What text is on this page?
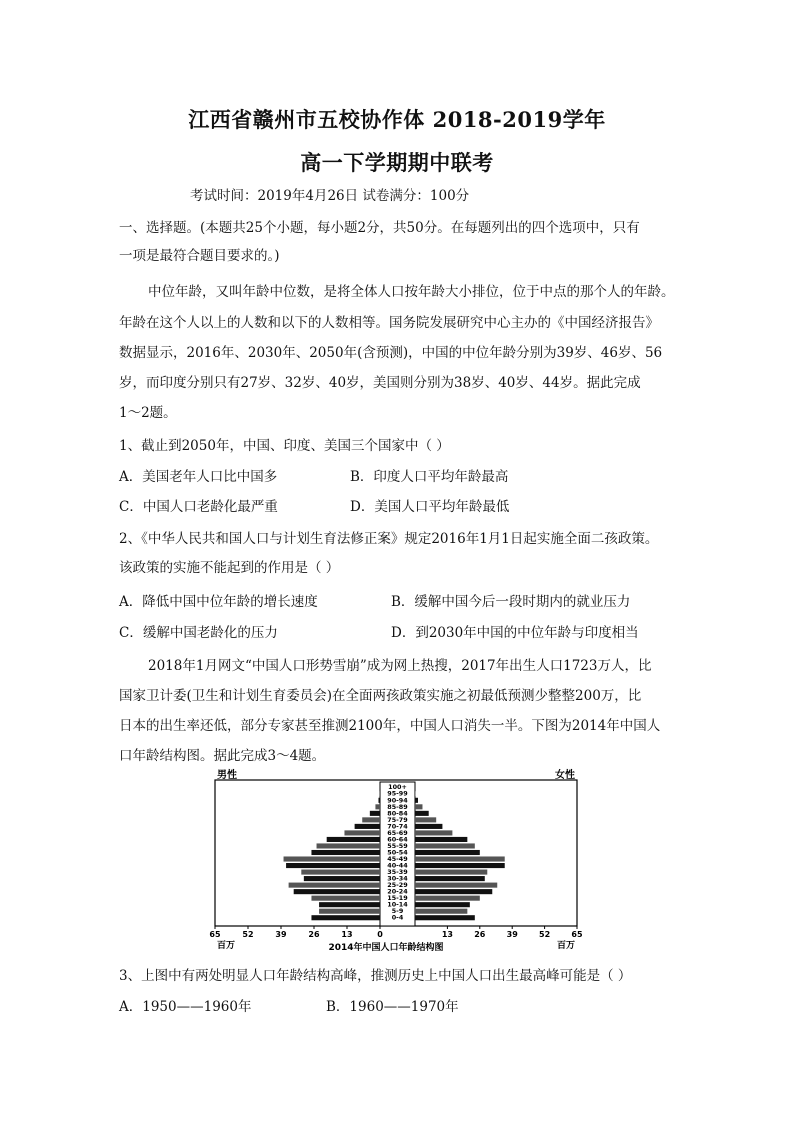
江西省赣州市五校协作体 2018-2019学年
高一下学期期中联考
考试时间：2019年4月26日 试卷满分：100分
一、选择题。(本题共25个小题，每小题2分，共50分。在每题列出的四个选项中，只有
一项是最符合题目要求的。)
中位年龄，又叫年龄中位数，是将全体人口按年龄大小排位，位于中点的那个人的年龄。
年龄在这个人以上的人数和以下的人数相等。国务院发展研究中心主办的《中国经济报告》
数据显示，2016年、2030年、2050年(含预测)，中国的中位年龄分别为39岁、46岁、56
岁，而印度分别只有27岁、32岁、40岁，美国则分别为38岁、40岁、44岁。据此完成
1～2题。
1、截止到2050年，中国、印度、美国三个国家中（ ）
A．美国老年人口比中国多	B．印度人口平均年龄最高
C．中国人口老龄化最严重	D．美国人口平均年龄最低
2、《中华人民共和国人口与计划生育法修正案》规定2016年1月1日起实施全面二孩政策。
该政策的实施不能起到的作用是（ ）
A．降低中国中位年龄的增长速度	B．缓解中国今后一段时期内的就业压力
C．缓解中国老龄化的压力	D．到2030年中国的中位年龄与印度相当
2018年1月网文“中国人口形势雪崩”成为网上热搜，2017年出生人口1723万人，比
国家卫计委(卫生和计划生育委员会)在全面两孩政策实施之初最低预测少整整200万，比
日本的出生率还低，部分专家甚至推测2100年，中国人口消失一半。下图为2014年中国人
口年龄结构图。据此完成3～4题。
男性	女性
100+
95-99
90-94
85-89
80-84
75-79
70-74
65-69
60-64
55-59
50-54
45-49
40-44
35-39
30-34
25-29
20-24
15-19
10-14
5-9
0-4
65	52	39	26	13	0	13	26	39	52	65
百万	百万
2014年中国人口年龄结构图
3、上图中有两处明显人口年龄结构高峰，推测历史上中国人口出生最高峰可能是（ ）
A．1950——1960年	B．1960——1970年
